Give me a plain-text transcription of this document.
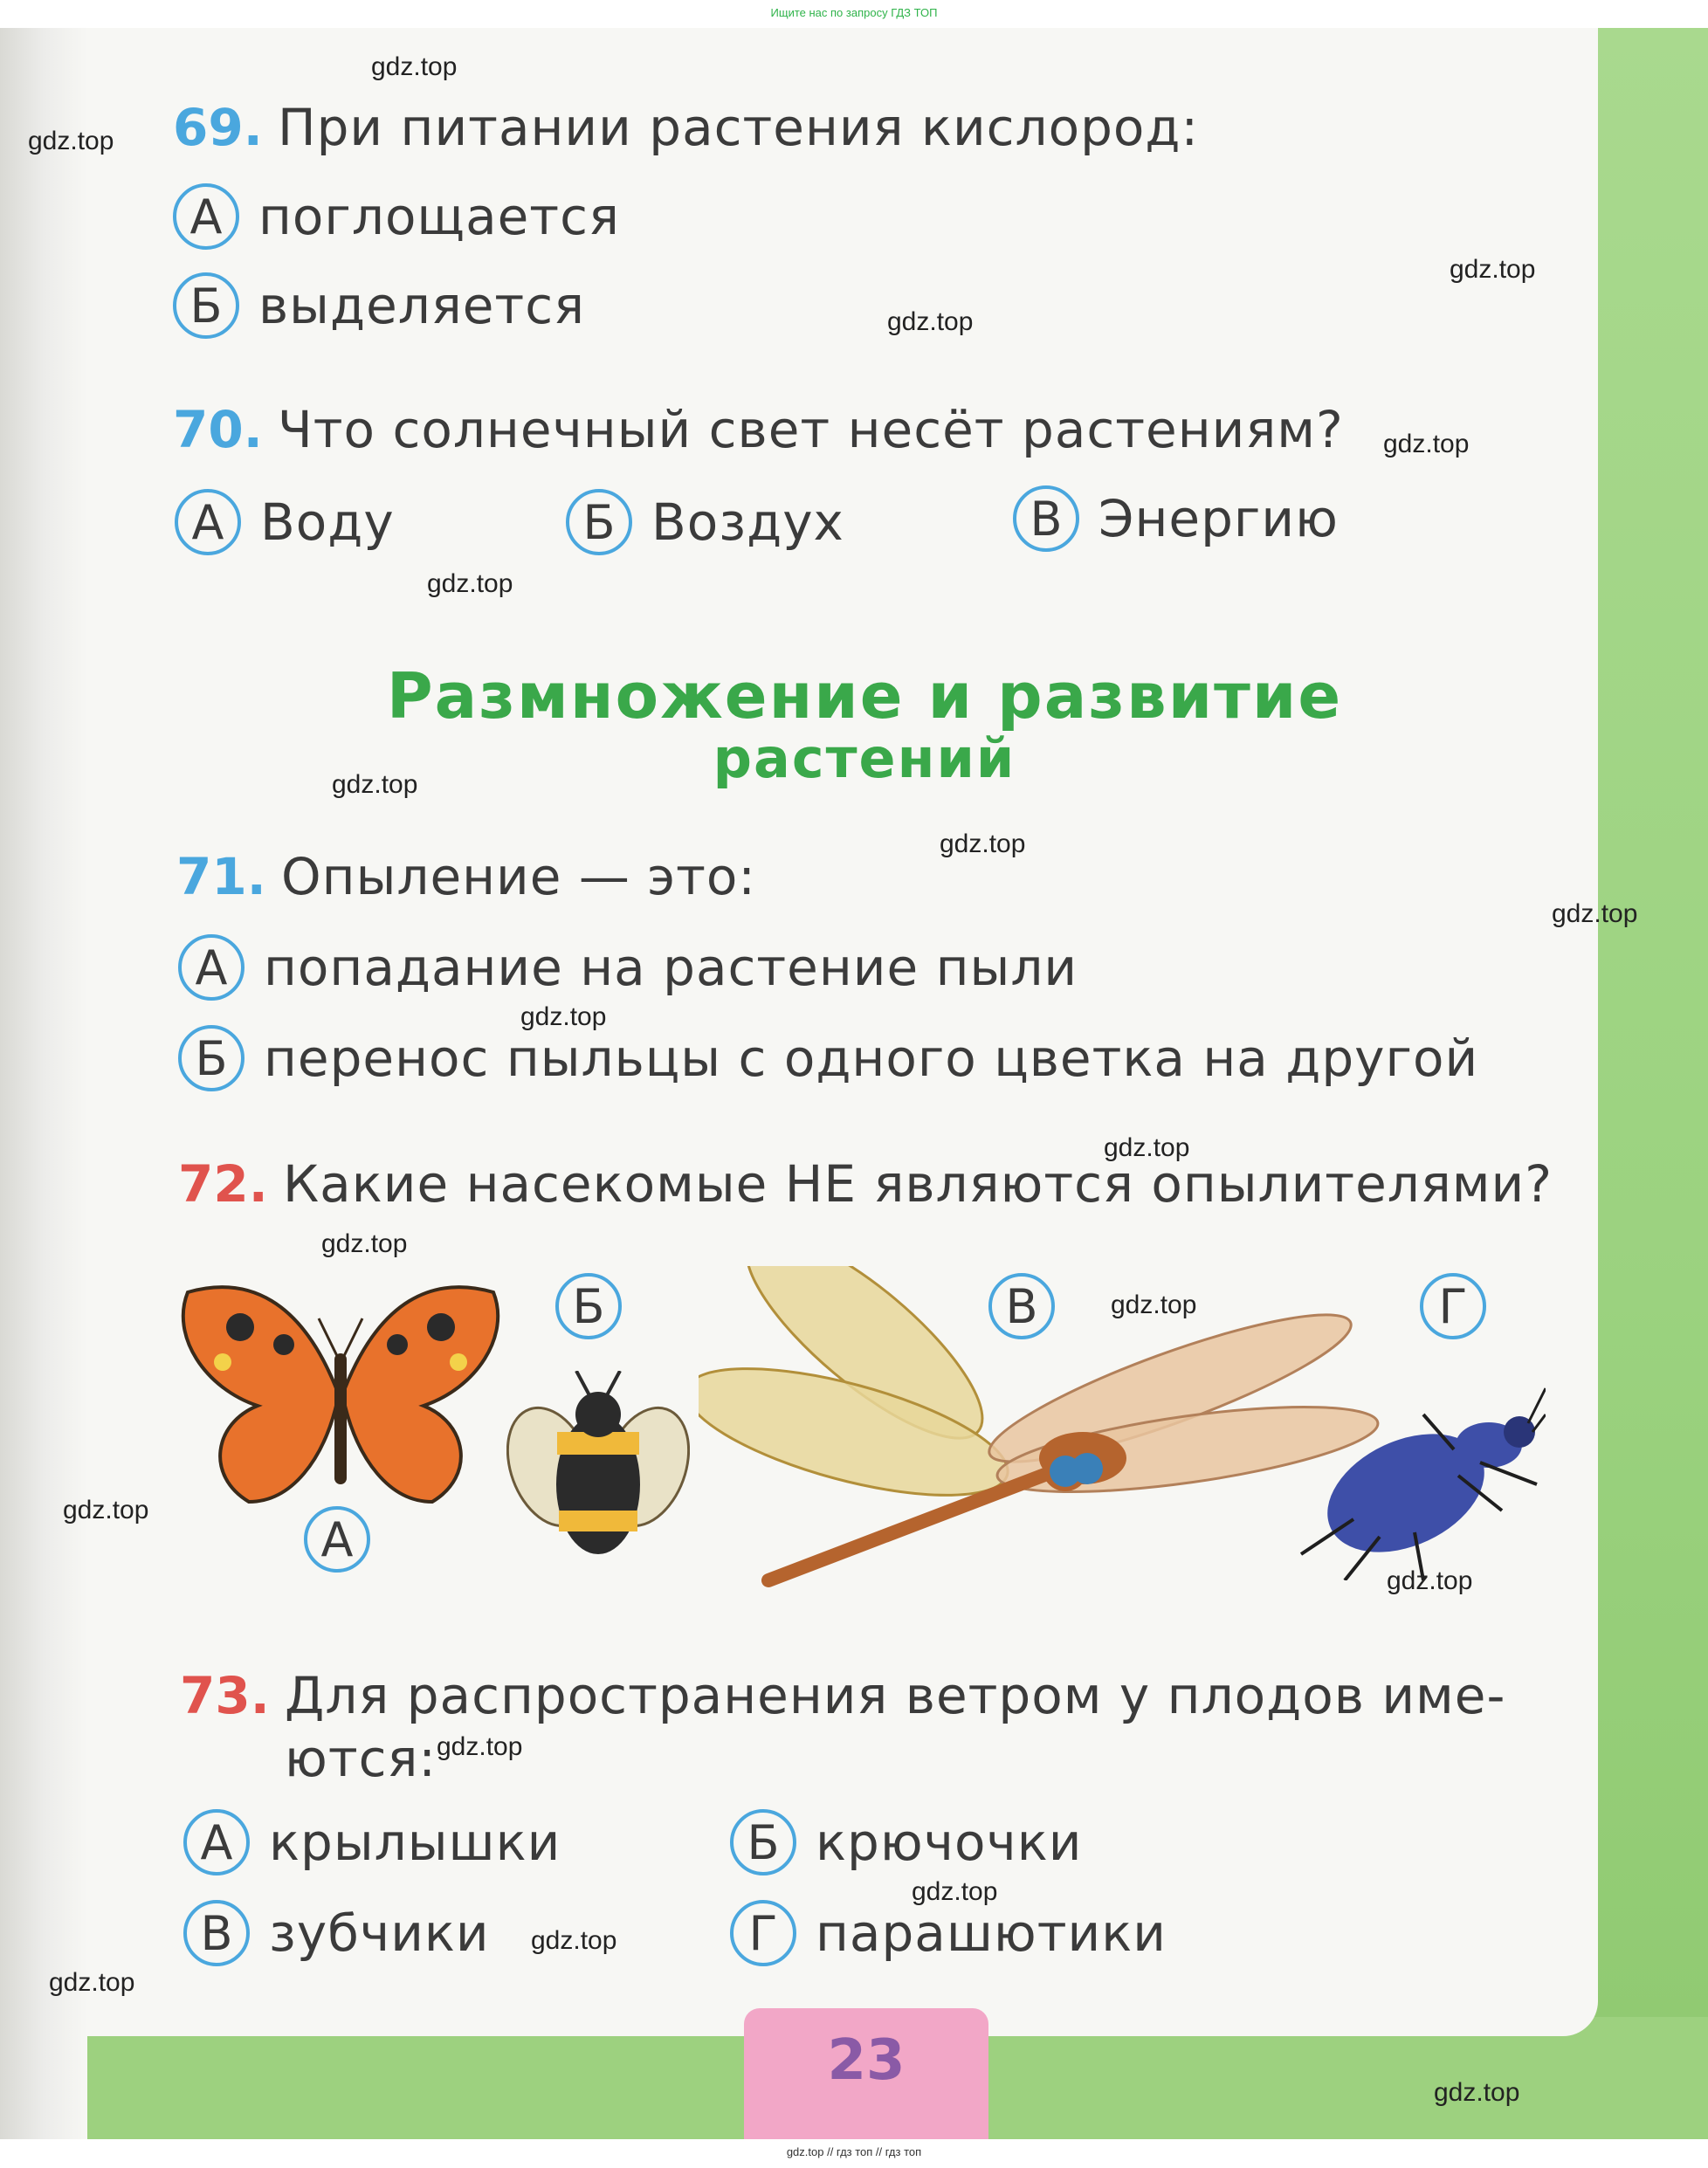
Ищите нас по запросу ГДЗ ТОП
69. При питании растения кислород:
А поглощается
Б выделяется
70. Что солнечный свет несёт растениям?
А Воду	Б Воздух	В Энергию
Размножение и развитие
растений
71. Опыление — это:
А попадание на растение пыли
Б перенос пыльцы с одного цветка на другой
72. Какие насекомые НЕ являются опылителями?
А
Б	В	Г
73. Для распространения ветром у плодов име-
ются:
А крылышки	Б крючочки
В зубчики	Г парашютики
23
gdz.top
gdz.top
gdz.top
gdz.top
gdz.top
gdz.top
gdz.top
gdz.top
gdz.top
gdz.top
gdz.top
gdz.top
gdz.top
gdz.top
gdz.top
gdz.top
gdz.top
gdz.top
gdz.top
gdz.top
gdz.top // гдз топ // гдз топ
